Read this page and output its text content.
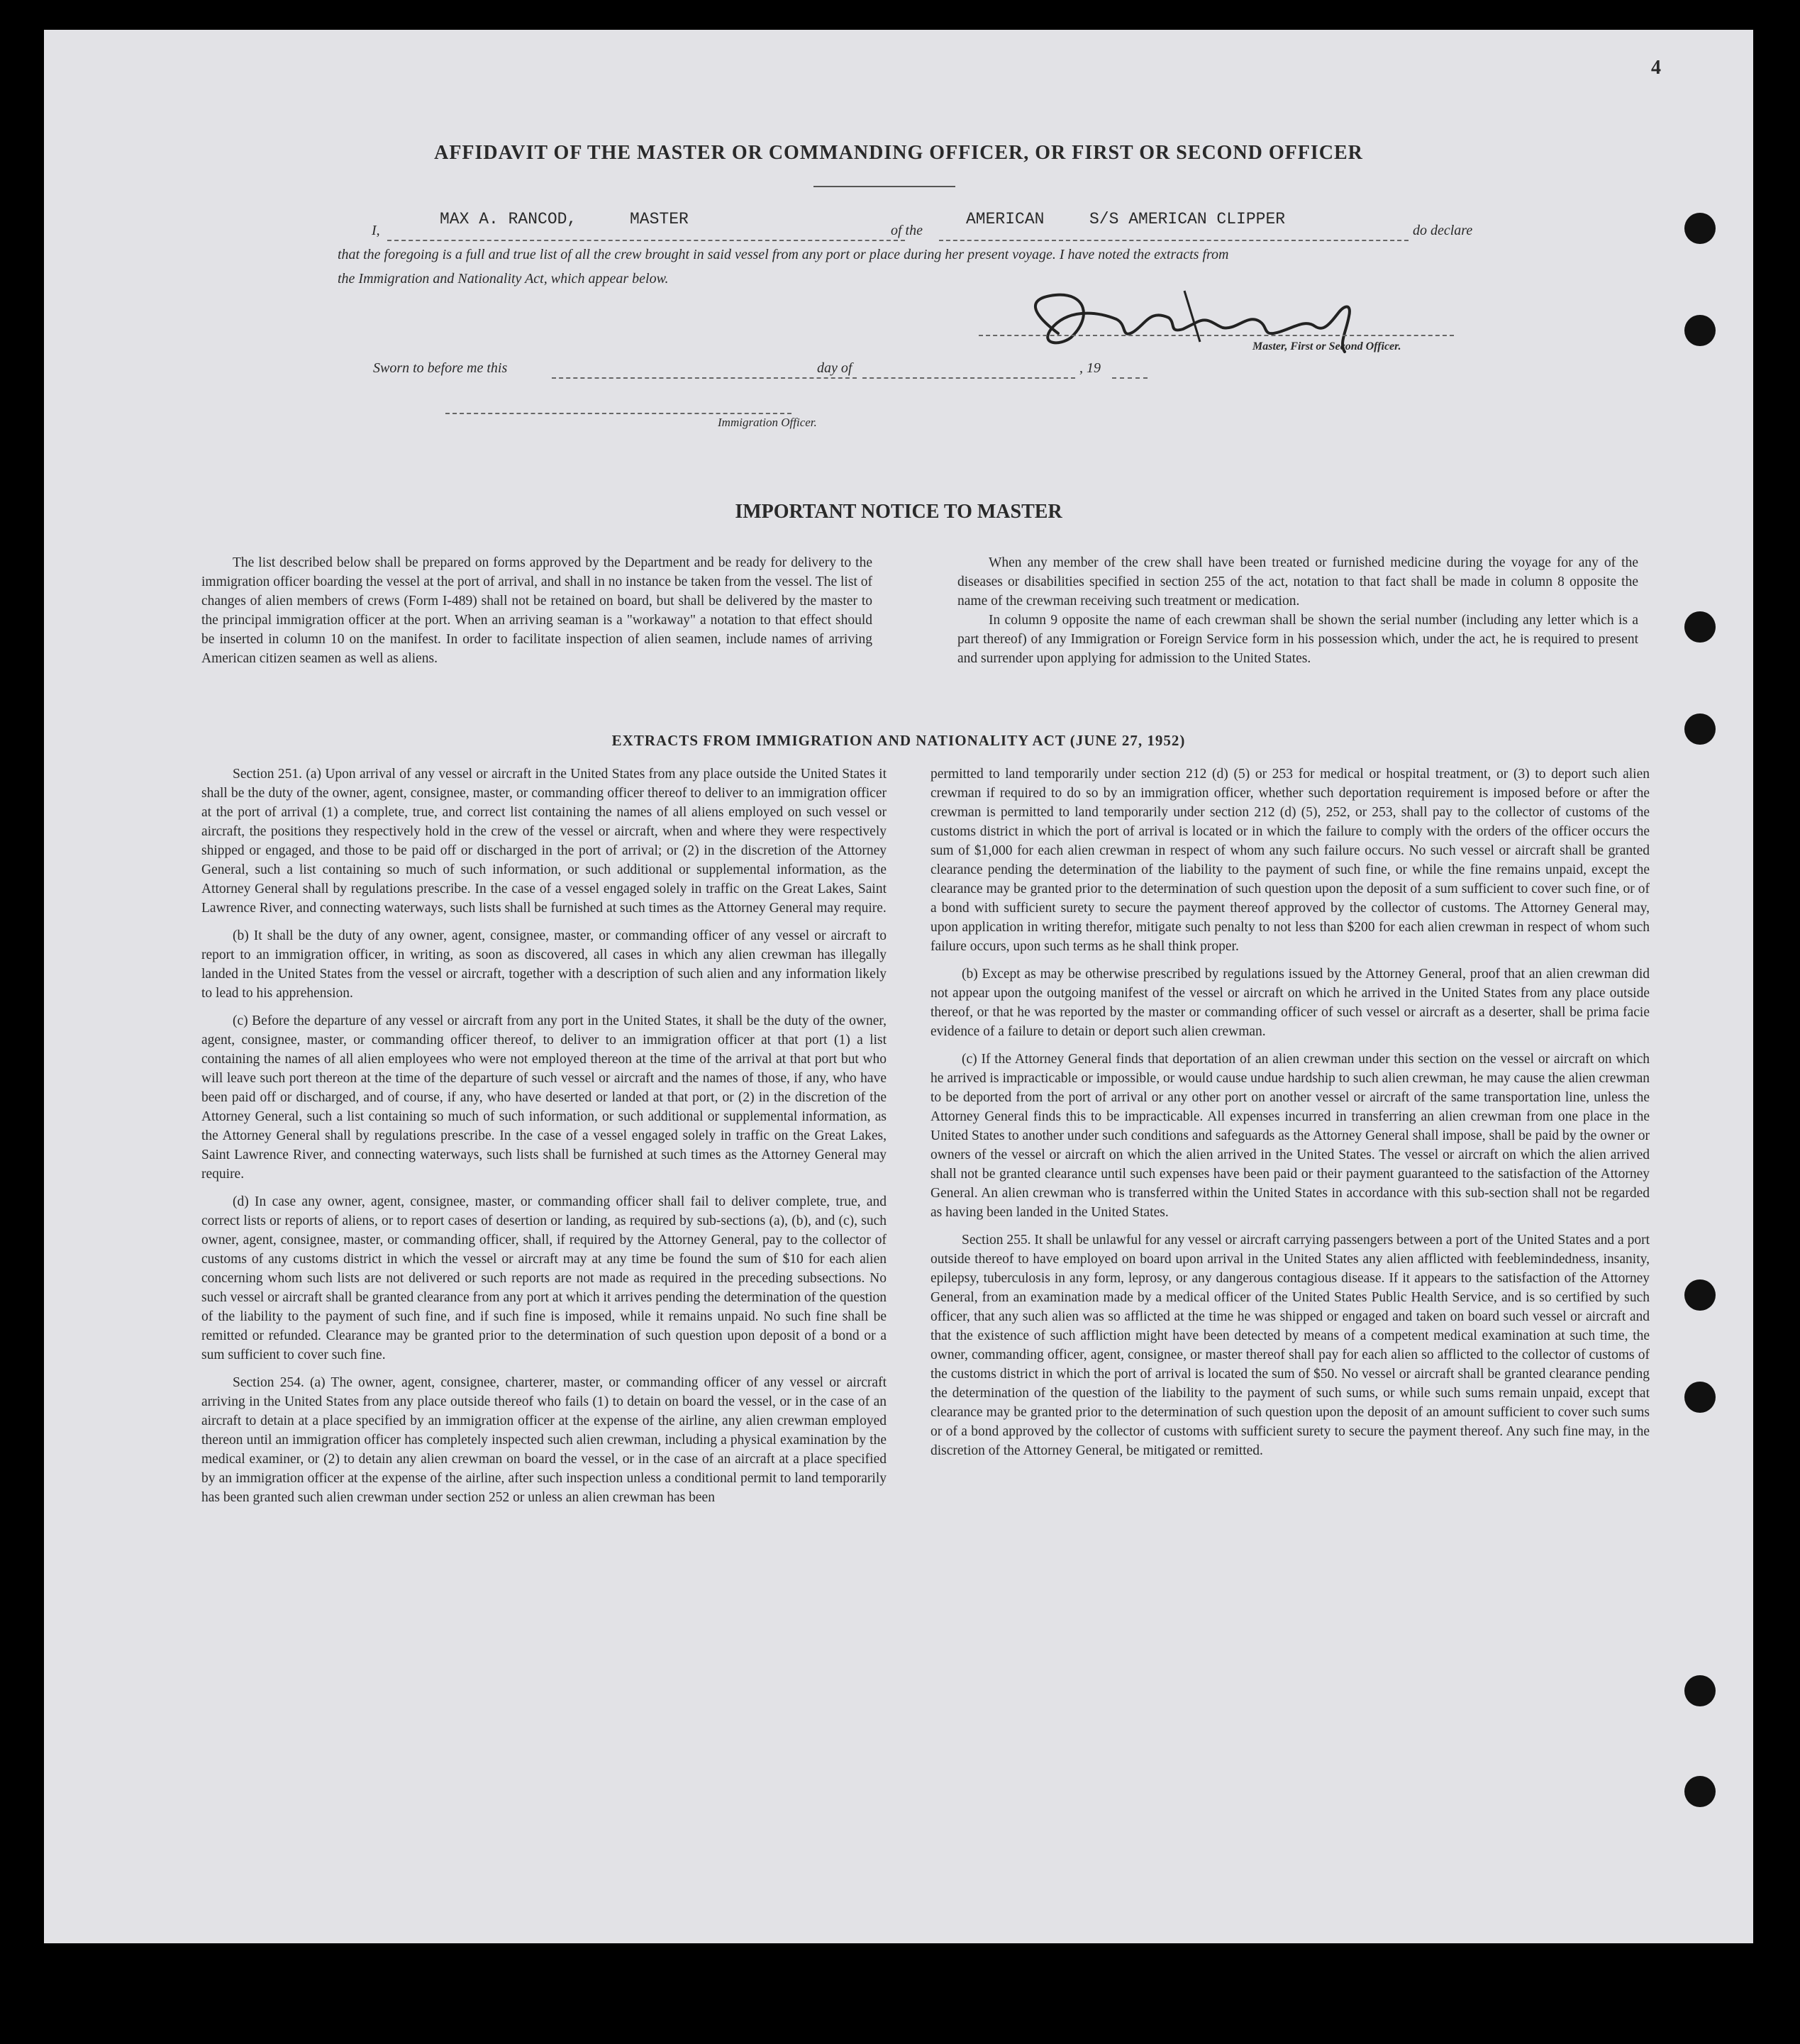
4
AFFIDAVIT OF THE MASTER OR COMMANDING OFFICER, OR FIRST OR SECOND OFFICER
I,
MAX A. RANCOD,	MASTER
of the
AMERICAN	S/S AMERICAN CLIPPER
do declare
that the foregoing is a full and true list of all the crew brought in said vessel from any port or place during her present voyage. I have noted the extracts from
the Immigration and Nationality Act, which appear below.
Master, First or Second Officer.
Sworn to before me this	day of	, 19
Immigration Officer.
IMPORTANT NOTICE TO MASTER

The list described below shall be prepared on forms approved by the Department and be ready for delivery to the immigration officer boarding the vessel at the port of arrival, and shall in no instance be taken from the vessel. The list of changes of alien members of crews (Form I-489) shall not be retained on board, but shall be delivered by the master to the principal immigration officer at the port. When an arriving seaman is a "workaway" a notation to that effect should be inserted in column 10 on the manifest. In order to facilitate inspection of alien seamen, include names of arriving American citizen seamen as well as aliens.

When any member of the crew shall have been treated or furnished medicine during the voyage for any of the diseases or disabilities specified in section 255 of the act, notation to that fact shall be made in column 8 opposite the name of the crewman receiving such treatment or medication.

In column 9 opposite the name of each crewman shall be shown the serial number (including any letter which is a part thereof) of any Immigration or Foreign Service form in his possession which, under the act, he is required to present and surrender upon applying for admission to the United States.

EXTRACTS FROM IMMIGRATION AND NATIONALITY ACT (JUNE 27, 1952)

Section 251. (a) Upon arrival of any vessel or aircraft in the United States from any place outside the United States it shall be the duty of the owner, agent, consignee, master, or commanding officer thereof to deliver to an immigration officer at the port of arrival (1) a complete, true, and correct list containing the names of all aliens employed on such vessel or aircraft, the positions they respectively hold in the crew of the vessel or aircraft, when and where they were respectively shipped or engaged, and those to be paid off or discharged in the port of arrival; or (2) in the discretion of the Attorney General, such a list containing so much of such information, or such additional or supplemental information, as the Attorney General shall by regulations prescribe. In the case of a vessel engaged solely in traffic on the Great Lakes, Saint Lawrence River, and connecting waterways, such lists shall be furnished at such times as the Attorney General may require.

(b) It shall be the duty of any owner, agent, consignee, master, or commanding officer of any vessel or aircraft to report to an immigration officer, in writing, as soon as discovered, all cases in which any alien crewman has illegally landed in the United States from the vessel or aircraft, together with a description of such alien and any information likely to lead to his apprehension.

(c) Before the departure of any vessel or aircraft from any port in the United States, it shall be the duty of the owner, agent, consignee, master, or commanding officer thereof, to deliver to an immigration officer at that port (1) a list containing the names of all alien employees who were not employed thereon at the time of the arrival at that port but who will leave such port thereon at the time of the departure of such vessel or aircraft and the names of those, if any, who have been paid off or discharged, and of course, if any, who have deserted or landed at that port, or (2) in the discretion of the Attorney General, such a list containing so much of such information, or such additional or supplemental information, as the Attorney General shall by regulations prescribe. In the case of a vessel engaged solely in traffic on the Great Lakes, Saint Lawrence River, and connecting waterways, such lists shall be furnished at such times as the Attorney General may require.

(d) In case any owner, agent, consignee, master, or commanding officer shall fail to deliver complete, true, and correct lists or reports of aliens, or to report cases of desertion or landing, as required by sub-sections (a), (b), and (c), such owner, agent, consignee, master, or commanding officer, shall, if required by the Attorney General, pay to the collector of customs of any customs district in which the vessel or aircraft may at any time be found the sum of $10 for each alien concerning whom such lists are not delivered or such reports are not made as required in the preceding subsections. No such vessel or aircraft shall be granted clearance from any port at which it arrives pending the determination of the question of the liability to the payment of such fine, and if such fine is imposed, while it remains unpaid. No such fine shall be remitted or refunded. Clearance may be granted prior to the determination of such question upon deposit of a bond or a sum sufficient to cover such fine.

Section 254. (a) The owner, agent, consignee, charterer, master, or commanding officer of any vessel or aircraft arriving in the United States from any place outside thereof who fails (1) to detain on board the vessel, or in the case of an aircraft to detain at a place specified by an immigration officer at the expense of the airline, any alien crewman employed thereon until an immigration officer has completely inspected such alien crewman, including a physical examination by the medical examiner, or (2) to detain any alien crewman on board the vessel, or in the case of an aircraft at a place specified by an immigration officer at the expense of the airline, after such inspection unless a conditional permit to land temporarily has been granted such alien crewman under section 252 or unless an alien crewman has been

permitted to land temporarily under section 212 (d) (5) or 253 for medical or hospital treatment, or (3) to deport such alien crewman if required to do so by an immigration officer, whether such deportation requirement is imposed before or after the crewman is permitted to land temporarily under section 212 (d) (5), 252, or 253, shall pay to the collector of customs of the customs district in which the port of arrival is located or in which the failure to comply with the orders of the officer occurs the sum of $1,000 for each alien crewman in respect of whom any such failure occurs. No such vessel or aircraft shall be granted clearance pending the determination of the liability to the payment of such fine, or while the fine remains unpaid, except the clearance may be granted prior to the determination of such question upon the deposit of a sum sufficient to cover such fine, or of a bond with sufficient surety to secure the payment thereof approved by the collector of customs. The Attorney General may, upon application in writing therefor, mitigate such penalty to not less than $200 for each alien crewman in respect of whom such failure occurs, upon such terms as he shall think proper.

(b) Except as may be otherwise prescribed by regulations issued by the Attorney General, proof that an alien crewman did not appear upon the outgoing manifest of the vessel or aircraft on which he arrived in the United States from any place outside thereof, or that he was reported by the master or commanding officer of such vessel or aircraft as a deserter, shall be prima facie evidence of a failure to detain or deport such alien crewman.

(c) If the Attorney General finds that deportation of an alien crewman under this section on the vessel or aircraft on which he arrived is impracticable or impossible, or would cause undue hardship to such alien crewman, he may cause the alien crewman to be deported from the port of arrival or any other port on another vessel or aircraft of the same transportation line, unless the Attorney General finds this to be impracticable. All expenses incurred in transferring an alien crewman from one place in the United States to another under such conditions and safeguards as the Attorney General shall impose, shall be paid by the owner or owners of the vessel or aircraft on which the alien arrived in the United States. The vessel or aircraft on which the alien arrived shall not be granted clearance until such expenses have been paid or their payment guaranteed to the satisfaction of the Attorney General. An alien crewman who is transferred within the United States in accordance with this sub-section shall not be regarded as having been landed in the United States.

Section 255. It shall be unlawful for any vessel or aircraft carrying passengers between a port of the United States and a port outside thereof to have employed on board upon arrival in the United States any alien afflicted with feeblemindedness, insanity, epilepsy, tuberculosis in any form, leprosy, or any dangerous contagious disease. If it appears to the satisfaction of the Attorney General, from an examination made by a medical officer of the United States Public Health Service, and is so certified by such officer, that any such alien was so afflicted at the time he was shipped or engaged and taken on board such vessel or aircraft and that the existence of such affliction might have been detected by means of a competent medical examination at such time, the owner, commanding officer, agent, consignee, or master thereof shall pay for each alien so afflicted to the collector of customs of the customs district in which the port of arrival is located the sum of $50. No vessel or aircraft shall be granted clearance pending the determination of the question of the liability to the payment of such sums, or while such sums remain unpaid, except that clearance may be granted prior to the determination of such question upon the deposit of an amount sufficient to cover such sums or of a bond approved by the collector of customs with sufficient surety to secure the payment thereof. Any such fine may, in the discretion of the Attorney General, be mitigated or remitted.
